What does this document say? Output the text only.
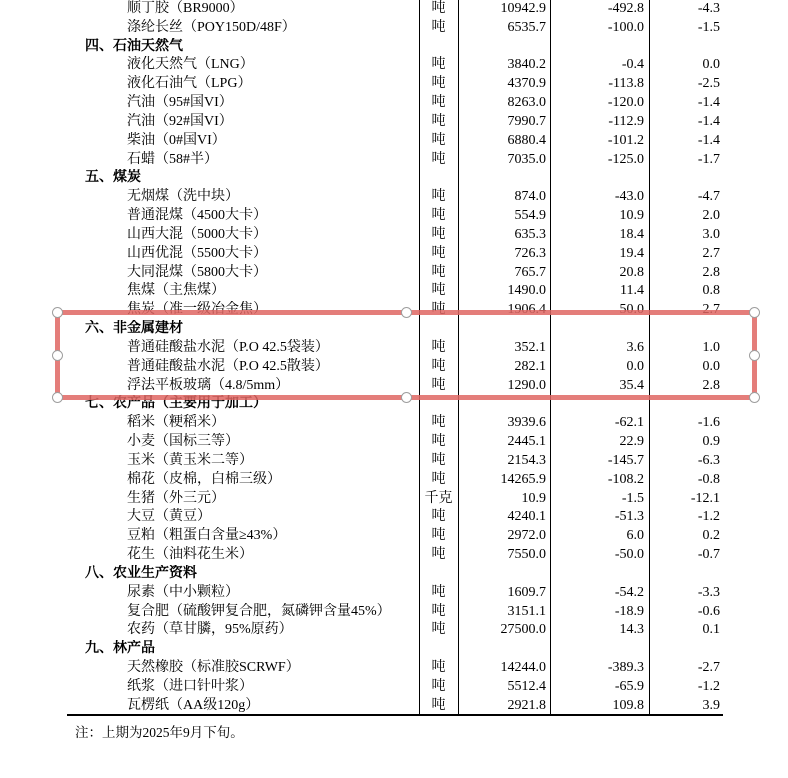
顺丁胶（BR9000）	吨	10942.9	-492.8	-4.3
涤纶长丝（POY150D/48F）	吨	6535.7	-100.0	-1.5
四、石油天然气
液化天然气（LNG）	吨	3840.2	-0.4	0.0
液化石油气（LPG）	吨	4370.9	-113.8	-2.5
汽油（95#国VI）	吨	8263.0	-120.0	-1.4
汽油（92#国VI）	吨	7990.7	-112.9	-1.4
柴油（0#国VI）	吨	6880.4	-101.2	-1.4
石蜡（58#半）	吨	7035.0	-125.0	-1.7
五、煤炭
无烟煤（洗中块）	吨	874.0	-43.0	-4.7
普通混煤（4500大卡）	吨	554.9	10.9	2.0
山西大混（5000大卡）	吨	635.3	18.4	3.0
山西优混（5500大卡）	吨	726.3	19.4	2.7
大同混煤（5800大卡）	吨	765.7	20.8	2.8
焦煤（主焦煤）	吨	1490.0	11.4	0.8
焦炭（准一级冶金焦）	吨	1906.4	50.0	2.7
六、非金属建材
普通硅酸盐水泥（P.O 42.5袋装）	吨	352.1	3.6	1.0
普通硅酸盐水泥（P.O 42.5散装）	吨	282.1	0.0	0.0
浮法平板玻璃（4.8/5mm）	吨	1290.0	35.4	2.8
七、农产品（主要用于加工）
稻米（粳稻米）	吨	3939.6	-62.1	-1.6
小麦（国标三等）	吨	2445.1	22.9	0.9
玉米（黄玉米二等）	吨	2154.3	-145.7	-6.3
棉花（皮棉，白棉三级）	吨	14265.9	-108.2	-0.8
生猪（外三元）	千克	10.9	-1.5	-12.1
大豆（黄豆）	吨	4240.1	-51.3	-1.2
豆粕（粗蛋白含量≥43%）	吨	2972.0	6.0	0.2
花生（油料花生米）	吨	7550.0	-50.0	-0.7
八、农业生产资料
尿素（中小颗粒）	吨	1609.7	-54.2	-3.3
复合肥（硫酸钾复合肥，氮磷钾含量45%）	吨	3151.1	-18.9	-0.6
农药（草甘膦，95%原药）	吨	27500.0	14.3	0.1
九、林产品
天然橡胶（标准胶SCRWF）	吨	14244.0	-389.3	-2.7
纸浆（进口针叶浆）	吨	5512.4	-65.9	-1.2
瓦楞纸（AA级120g）	吨	2921.8	109.8	3.9
注：上期为2025年9月下旬。
